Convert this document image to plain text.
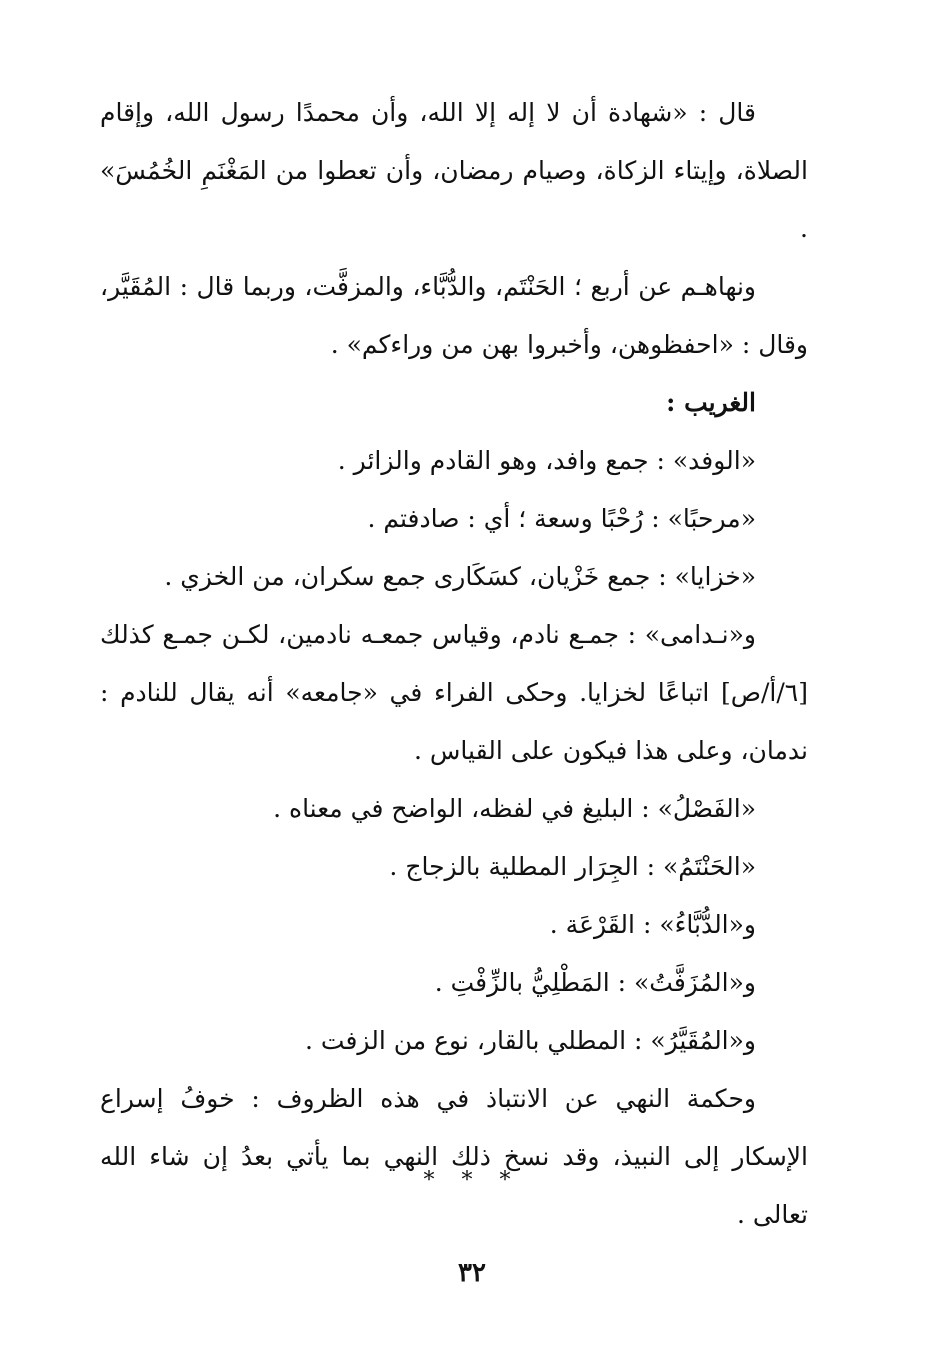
قال : «شهادة أن لا إله إلا الله، وأن محمدًا رسول الله، وإقام الصلاة، وإيتاء الزكاة، وصيام رمضان، وأن تعطوا من المَغْنَمِ الخُمُسَ» .

ونهاهـم عن أربع ؛ الحَنْتَم، والدُّبَّاء، والمزفَّت، وربما قال : المُقَيَّر، وقال : «احفظوهن، وأخبروا بهن من وراءكم» .

الغريب :

«الوفد» : جمع وافد، وهو القادم والزائر .

«مرحبًا» : رُحْبًا وسعة ؛ أي : صادفتم .

«خزايا» : جمع خَزْيان، كسَكَارى جمع سكران، من الخزي .

و«نـدامى» : جمـع نادم، وقياس جمعـه نادمين، لكـن جمـع كذلك [٦/أ/ص] اتباعًا لخزايا. وحكى الفراء في «جامعه» أنه يقال للنادم : ندمان، وعلى هذا فيكون على القياس .

«الفَصْلُ» : البليغ في لفظه، الواضح في معناه .

«الحَنْتَمُ» : الجِرَار المطلية بالزجاج .

و«الدُّبَّاءُ» : القَرْعَة .

و«المُزَفَّتُ» : المَطْلِيُّ بالزِّفْتِ .

و«المُقَيَّرُ» : المطلي بالقار، نوع من الزفت .

وحكمة النهي عن الانتباذ في هذه الظروف : خوفُ إسراع الإسكار إلى النبيذ، وقد نسخ ذلك النهي بما يأتي بعدُ إن شاء الله تعالى .

* * *
٣٢
